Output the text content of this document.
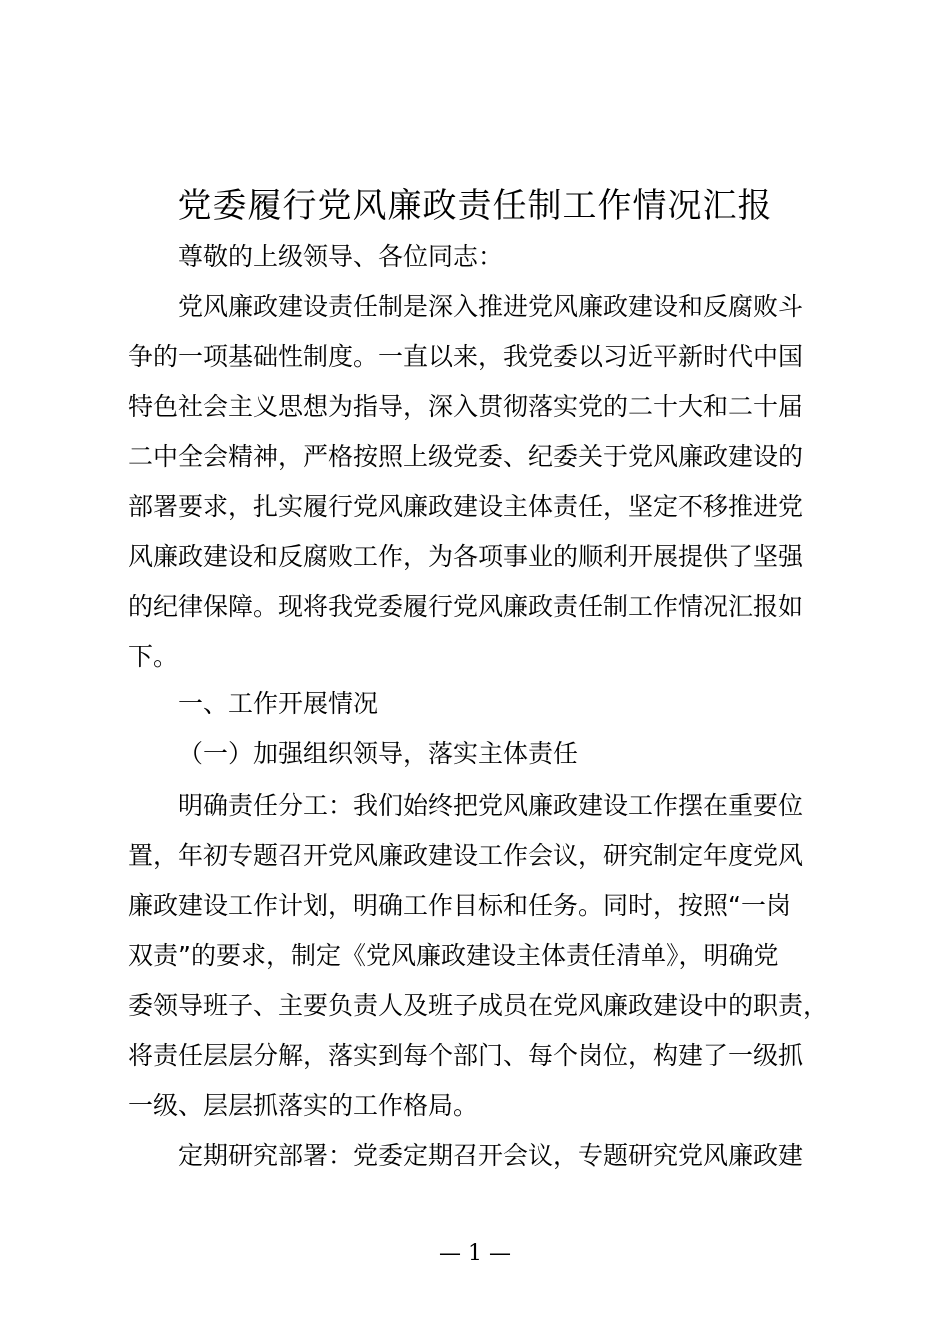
党委履行党风廉政责任制工作情况汇报

尊敬的上级领导、各位同志：

党风廉政建设责任制是深入推进党风廉政建设和反腐败斗

争的一项基础性制度。一直以来，我党委以习近平新时代中国

特色社会主义思想为指导，深入贯彻落实党的二十大和二十届

二中全会精神，严格按照上级党委、纪委关于党风廉政建设的

部署要求，扎实履行党风廉政建设主体责任，坚定不移推进党

风廉政建设和反腐败工作，为各项事业的顺利开展提供了坚强

的纪律保障。现将我党委履行党风廉政责任制工作情况汇报如

下。

一、工作开展情况

（一）加强组织领导，落实主体责任

明确责任分工：我们始终把党风廉政建设工作摆在重要位

置，年初专题召开党风廉政建设工作会议，研究制定年度党风

廉政建设工作计划，明确工作目标和任务。同时，按照“一岗

双责”的要求，制定《党风廉政建设主体责任清单》，明确党

委领导班子、主要负责人及班子成员在党风廉政建设中的职责，

将责任层层分解，落实到每个部门、每个岗位，构建了一级抓

一级、层层抓落实的工作格局。

定期研究部署：党委定期召开会议，专题研究党风廉政建

— 1 —
